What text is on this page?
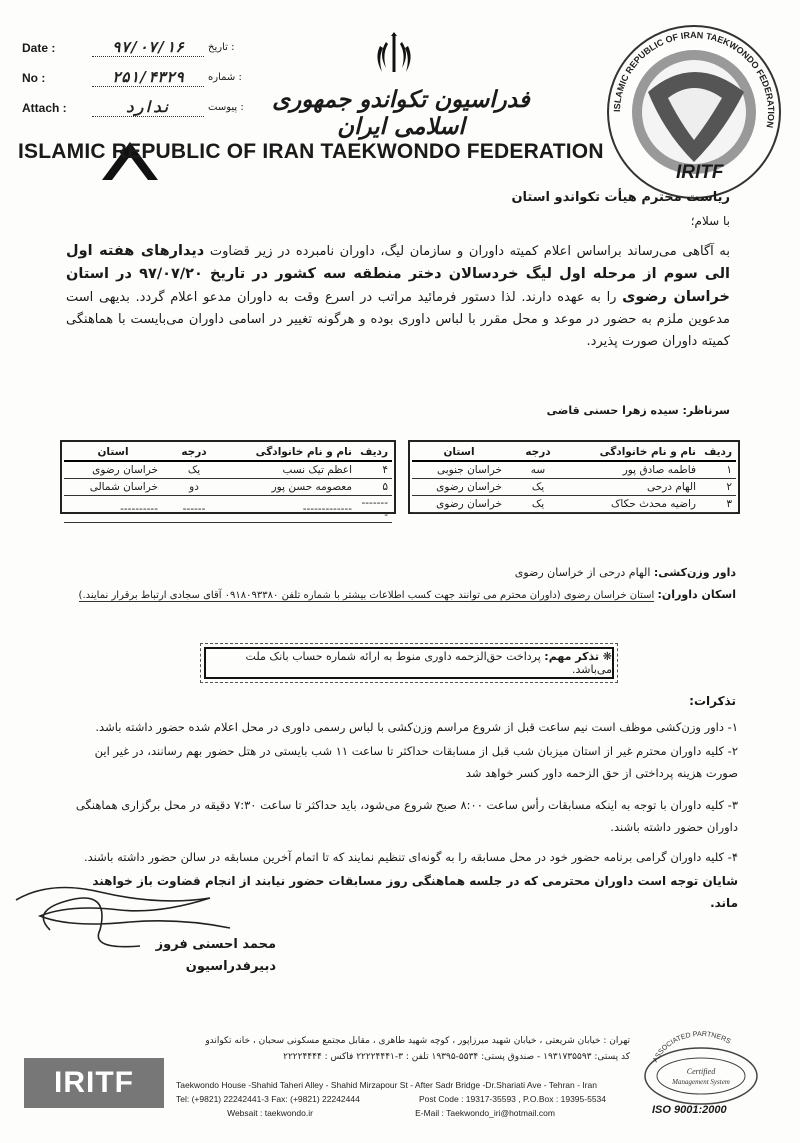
Date :	۹۷/۰۷/۱۶	تاریخ :
No :	۲۵۱/۴۳۲۹	شماره :
Attach :	ندارد	پیوست :	فدراسیون تکواندو جمهوری اسلامی ایران
ISLAMIC REPUBLIC OF IRAN TAEKWONDO FEDERATION
ISLAMIC REPUBLIC OF IRAN TAEKWONDO FEDERATION
IRITF
ریاست محترم هیأت تکواندو استان
با سلام؛
به آگاهی می‌رساند براساس اعلام کمیته داوران و سازمان لیگ، داوران نامبرده در زیر قضاوت دیدارهای هفته اول الی سوم از مرحله اول لیگ خردسالان دختر منطقه سه کشور در تاریخ ۹۷/۰۷/۲۰ در استان خراسان رضوی را به عهده دارند. لذا دستور فرمائید مراتب در اسرع وقت به داوران مدعو اعلام گردد. بدیهی است مدعوین ملزم به حضور در موعد و محل مقرر با لباس داوری بوده و هرگونه تغییر در اسامی داوران می‌بایست با هماهنگی کمیته داوران صورت پذیرد.
سرناظر: سیده زهرا حسنی قاضی
ردیف	نام و نام خانوادگی	درجه	استان
۱	فاطمه صادق پور	سه	خراسان جنوبی
۲	الهام درحی	یک	خراسان رضوی
۳	راضیه محدث حکاک	یک	خراسان رضوی
ردیف	نام و نام خانوادگی	درجه	استان
۴	اعظم تیک نسب	یک	خراسان رضوی
۵	معصومه حسن پور	دو	خراسان شمالی
--------	-------------	------	----------
داور وزن‌کشی: الهام درحی از خراسان رضوی
اسکان داوران: استان خراسان رضوی (داوران محترم می توانند جهت کسب اطلاعات بیشتر با شماره تلفن ۰۹۱۸۰۹۳۳۸۰ آقای سجادی ارتباط برقرار نمایند.)
❋ تذکر مهم: پرداخت حق‌الزحمه داوری منوط به ارائه شماره حساب بانک ملت می‌باشد.
تذکرات:
۱- داور وزن‌کشی موظف است نیم ساعت قبل از شروع مراسم وزن‌کشی با لباس رسمی داوری در محل اعلام شده حضور داشته باشد.
۲- کلیه داوران محترم غیر از استان میزبان شب قبل از مسابقات حداکثر تا ساعت ۱۱ شب بایستی در هتل حضور بهم رسانند، در غیر این صورت هزینه پرداختی از حق الزحمه داور کسر خواهد شد
۳- کلیه داوران با توجه به اینکه مسابقات رأس ساعت ۸:۰۰ صبح شروع می‌شود، باید حداکثر تا ساعت ۷:۳۰ دقیقه در محل برگزاری هماهنگی داوران حضور داشته باشند.
۴- کلیه داوران گرامی برنامه حضور خود در محل مسابقه را به گونه‌ای تنظیم نمایند که تا اتمام آخرین مسابقه در سالن حضور داشته باشند.
شایان توجه است داوران محترمی که در جلسه هماهنگی روز مسابقات حضور نیابند از انجام قضاوت باز خواهند ماند.
محمد احسنی فروز
دبیرفدراسیون
تهران : خیابان شریعتی ، خیابان شهید میرزاپور ، کوچه شهید طاهری ، مقابل مجتمع مسکونی سحبان ، خانه تکواندو
کد پستی: ۱۹۳۱۷۳۵۵۹۳ - صندوق پستی: ۵۵۳۴-۱۹۳۹۵ تلفن : ۳-۲۲۲۲۴۴۴۱ فاکس : ۲۲۲۲۴۴۴۴
IRITF	Taekwondo House -Shahid Taheri Alley - Shahid Mirzapour St - After Sadr Bridge -Dr.Shariati Ave - Tehran - Iran
Tel: (+9821) 22242441-3 Fax: (+9821) 22242444	Post Code : 19317-35593 , P.O.Box : 19395-5534
Websait : taekwondo.ir	E-Mail : Taekwondo_iri@hotmail.com
ASSOCIATED PARTNERS
Certified
Management System
ISO 9001:2000
